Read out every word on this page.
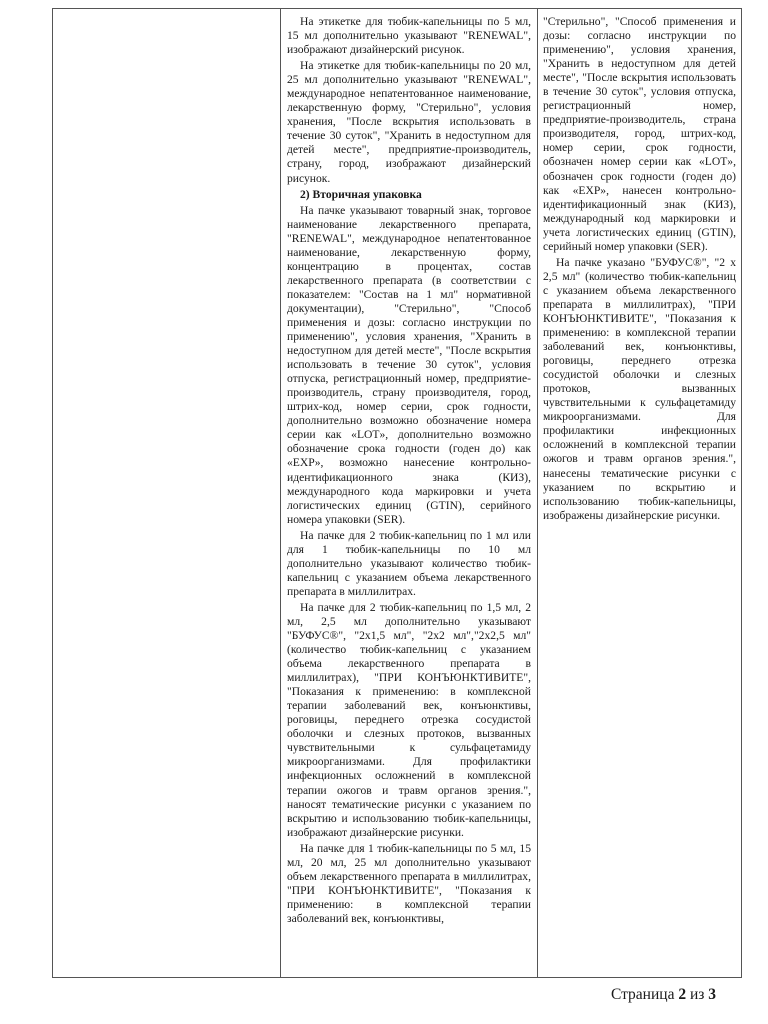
На этикетке для тюбик-капельницы по 5 мл, 15 мл дополнительно указывают "RENEWAL", изображают дизайнерский рисунок.

На этикетке для тюбик-капельницы по 20 мл, 25 мл дополнительно указывают "RENEWAL", международное непатентованное наименование, лекарственную форму, "Стерильно", условия хранения, "После вскрытия использовать в течение 30 суток", "Хранить в недоступном для детей месте", предприятие-производитель, страну, город, изображают дизайнерский рисунок.

2) Вторичная упаковка

На пачке указывают товарный знак, торговое наименование лекарственного препарата, "RENEWAL", международное непатентованное наименование, лекарственную форму, концентрацию в процентах, состав лекарственного препарата (в соответствии с показателем: "Состав на 1 мл" нормативной документации), "Стерильно", "Способ применения и дозы: согласно инструкции по применению", условия хранения, "Хранить в недоступном для детей месте", "После вскрытия использовать в течение 30 суток", условия отпуска, регистрационный номер, предприятие-производитель, страну производителя, город, штрих-код, номер серии, срок годности, дополнительно возможно обозначение номера серии как «LOT», дополнительно возможно обозначение срока годности (годен до) как «EXP», возможно нанесение контрольно-идентификационного знака (КИЗ), международного кода маркировки и учета логистических единиц (GTIN), серийного номера упаковки (SER).

На пачке для 2 тюбик-капельниц по 1 мл или для 1 тюбик-капельницы по 10 мл дополнительно указывают количество тюбик-капельниц с указанием объема лекарственного препарата в миллилитрах.

На пачке для 2 тюбик-капельниц по 1,5 мл, 2 мл, 2,5 мл дополнительно указывают "БУФУС®", "2х1,5 мл", "2х2 мл","2х2,5 мл" (количество тюбик-капельниц с указанием объема лекарственного препарата в миллилитрах), "ПРИ КОНЪЮНКТИВИТЕ", "Показания к применению: в комплексной терапии заболеваний век, конъюнктивы, роговицы, переднего отрезка сосудистой оболочки и слезных протоков, вызванных чувствительными к сульфацетамиду микроорганизмами. Для профилактики инфекционных осложнений в комплексной терапии ожогов и травм органов зрения.", наносят тематические рисунки с указанием по вскрытию и использованию тюбик-капельницы, изображают дизайнерские рисунки.

На пачке для 1 тюбик-капельницы по 5 мл, 15 мл, 20 мл, 25 мл дополнительно указывают объем лекарственного препарата в миллилитрах, "ПРИ КОНЪЮНКТИВИТЕ", "Показания к применению: в комплексной терапии заболеваний век, конъюнктивы,

"Стерильно", "Способ применения и дозы: согласно инструкции по применению", условия хранения, "Хранить в недоступном для детей месте", "После вскрытия использовать в течение 30 суток", условия отпуска, регистрационный номер, предприятие-производитель, страна производителя, город, штрих-код, номер серии, срок годности, обозначен номер серии как «LOT», обозначен срок годности (годен до) как «EXP», нанесен контрольно-идентификационный знак (КИЗ), международный код маркировки и учета логистических единиц (GTIN), серийный номер упаковки (SER).

На пачке указано "БУФУС®", "2 х 2,5 мл" (количество тюбик-капельниц с указанием объема лекарственного препарата в миллилитрах), "ПРИ КОНЪЮНКТИВИТЕ", "Показания к применению: в комплексной терапии заболеваний век, конъюнктивы, роговицы, переднего отрезка сосудистой оболочки и слезных протоков, вызванных чувствительными к сульфацетамиду микроорганизмами. Для профилактики инфекционных осложнений в комплексной терапии ожогов и травм органов зрения.", нанесены тематические рисунки с указанием по вскрытию и использованию тюбик-капельницы, изображены дизайнерские рисунки.

Страница 2 из 3
